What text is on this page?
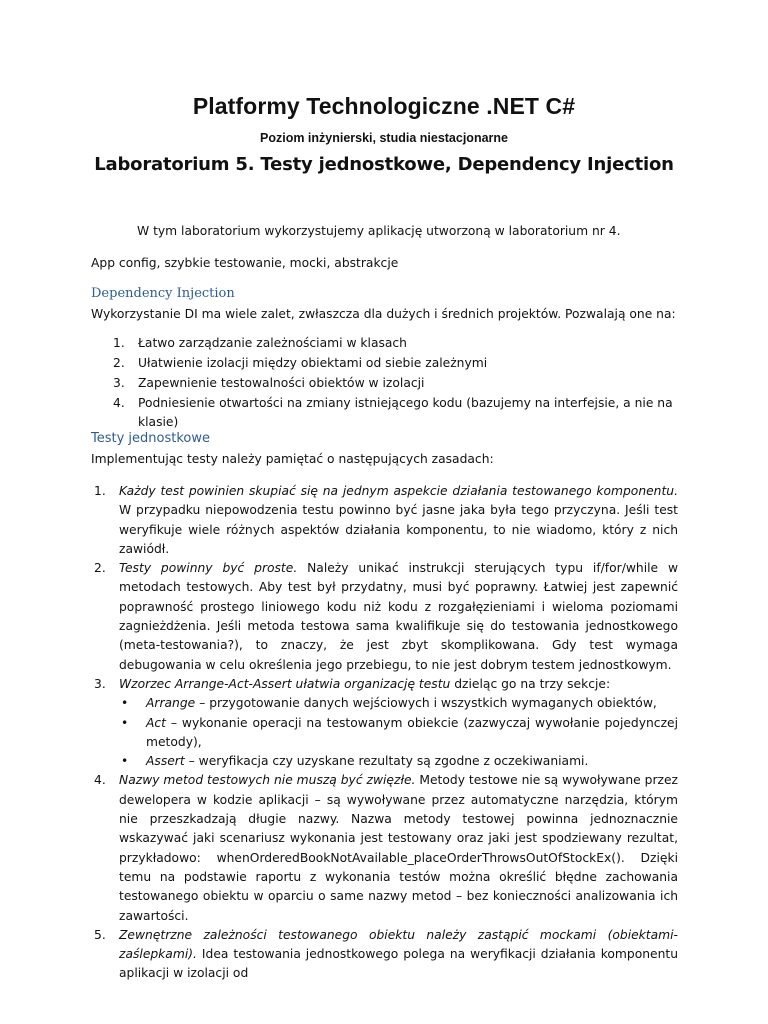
Platformy Technologiczne .NET C#

Poziom inżynierski, studia niestacjonarne

Laboratorium 5. Testy jednostkowe, Dependency Injection

W tym laboratorium wykorzystujemy aplikację utworzoną w laboratorium nr 4.

App config, szybkie testowanie, mocki, abstrakcje

Dependency Injection

Wykorzystanie DI ma wiele zalet, zwłaszcza dla dużych i średnich projektów. Pozwalają one na:

1. Łatwo zarządzanie zależnościami w klasach
2. Ułatwienie izolacji między obiektami od siebie zależnymi
3. Zapewnienie testowalności obiektów w izolacji
4. Podniesienie otwartości na zmiany istniejącego kodu (bazujemy na interfejsie, a nie na klasie)
Testy jednostkowe

Implementując testy należy pamiętać o następujących zasadach:

1. Każdy test powinien skupiać się na jednym aspekcie działania testowanego komponentu. W przypadku niepowodzenia testu powinno być jasne jaka była tego przyczyna. Jeśli test weryfikuje wiele różnych aspektów działania komponentu, to nie wiadomo, który z nich zawiódł.
2. Testy powinny być proste. Należy unikać instrukcji sterujących typu if/for/while w metodach testowych. Aby test był przydatny, musi być poprawny. Łatwiej jest zapewnić poprawność prostego liniowego kodu niż kodu z rozgałęzieniami i wieloma poziomami zagnieżdżenia. Jeśli metoda testowa sama kwalifikuje się do testowania jednostkowego (meta-testowania?), to znaczy, że jest zbyt skomplikowana. Gdy test wymaga debugowania w celu określenia jego przebiegu, to nie jest dobrym testem jednostkowym.
3. Wzorzec Arrange-Act-Assert ułatwia organizację testu dzieląc go na trzy sekcje:
• Arrange – przygotowanie danych wejściowych i wszystkich wymaganych obiektów,
• Act – wykonanie operacji na testowanym obiekcie (zazwyczaj wywołanie pojedynczej metody),
• Assert – weryfikacja czy uzyskane rezultaty są zgodne z oczekiwaniami.
4. Nazwy metod testowych nie muszą być zwięzłe. Metody testowe nie są wywoływane przez dewelopera w kodzie aplikacji – są wywoływane przez automatyczne narzędzia, którym nie przeszkadzają długie nazwy. Nazwa metody testowej powinna jednoznacznie wskazywać jaki scenariusz wykonania jest testowany oraz jaki jest spodziewany rezultat, przykładowo: whenOrderedBookNotAvailable_placeOrderThrowsOutOfStockEx(). Dzięki temu na podstawie raportu z wykonania testów można określić błędne zachowania testowanego obiektu w oparciu o same nazwy metod – bez konieczności analizowania ich zawartości.
5. Zewnętrzne zależności testowanego obiektu należy zastąpić mockami (obiektami-zaślepkami). Idea testowania jednostkowego polega na weryfikacji działania komponentu aplikacji w izolacji od
